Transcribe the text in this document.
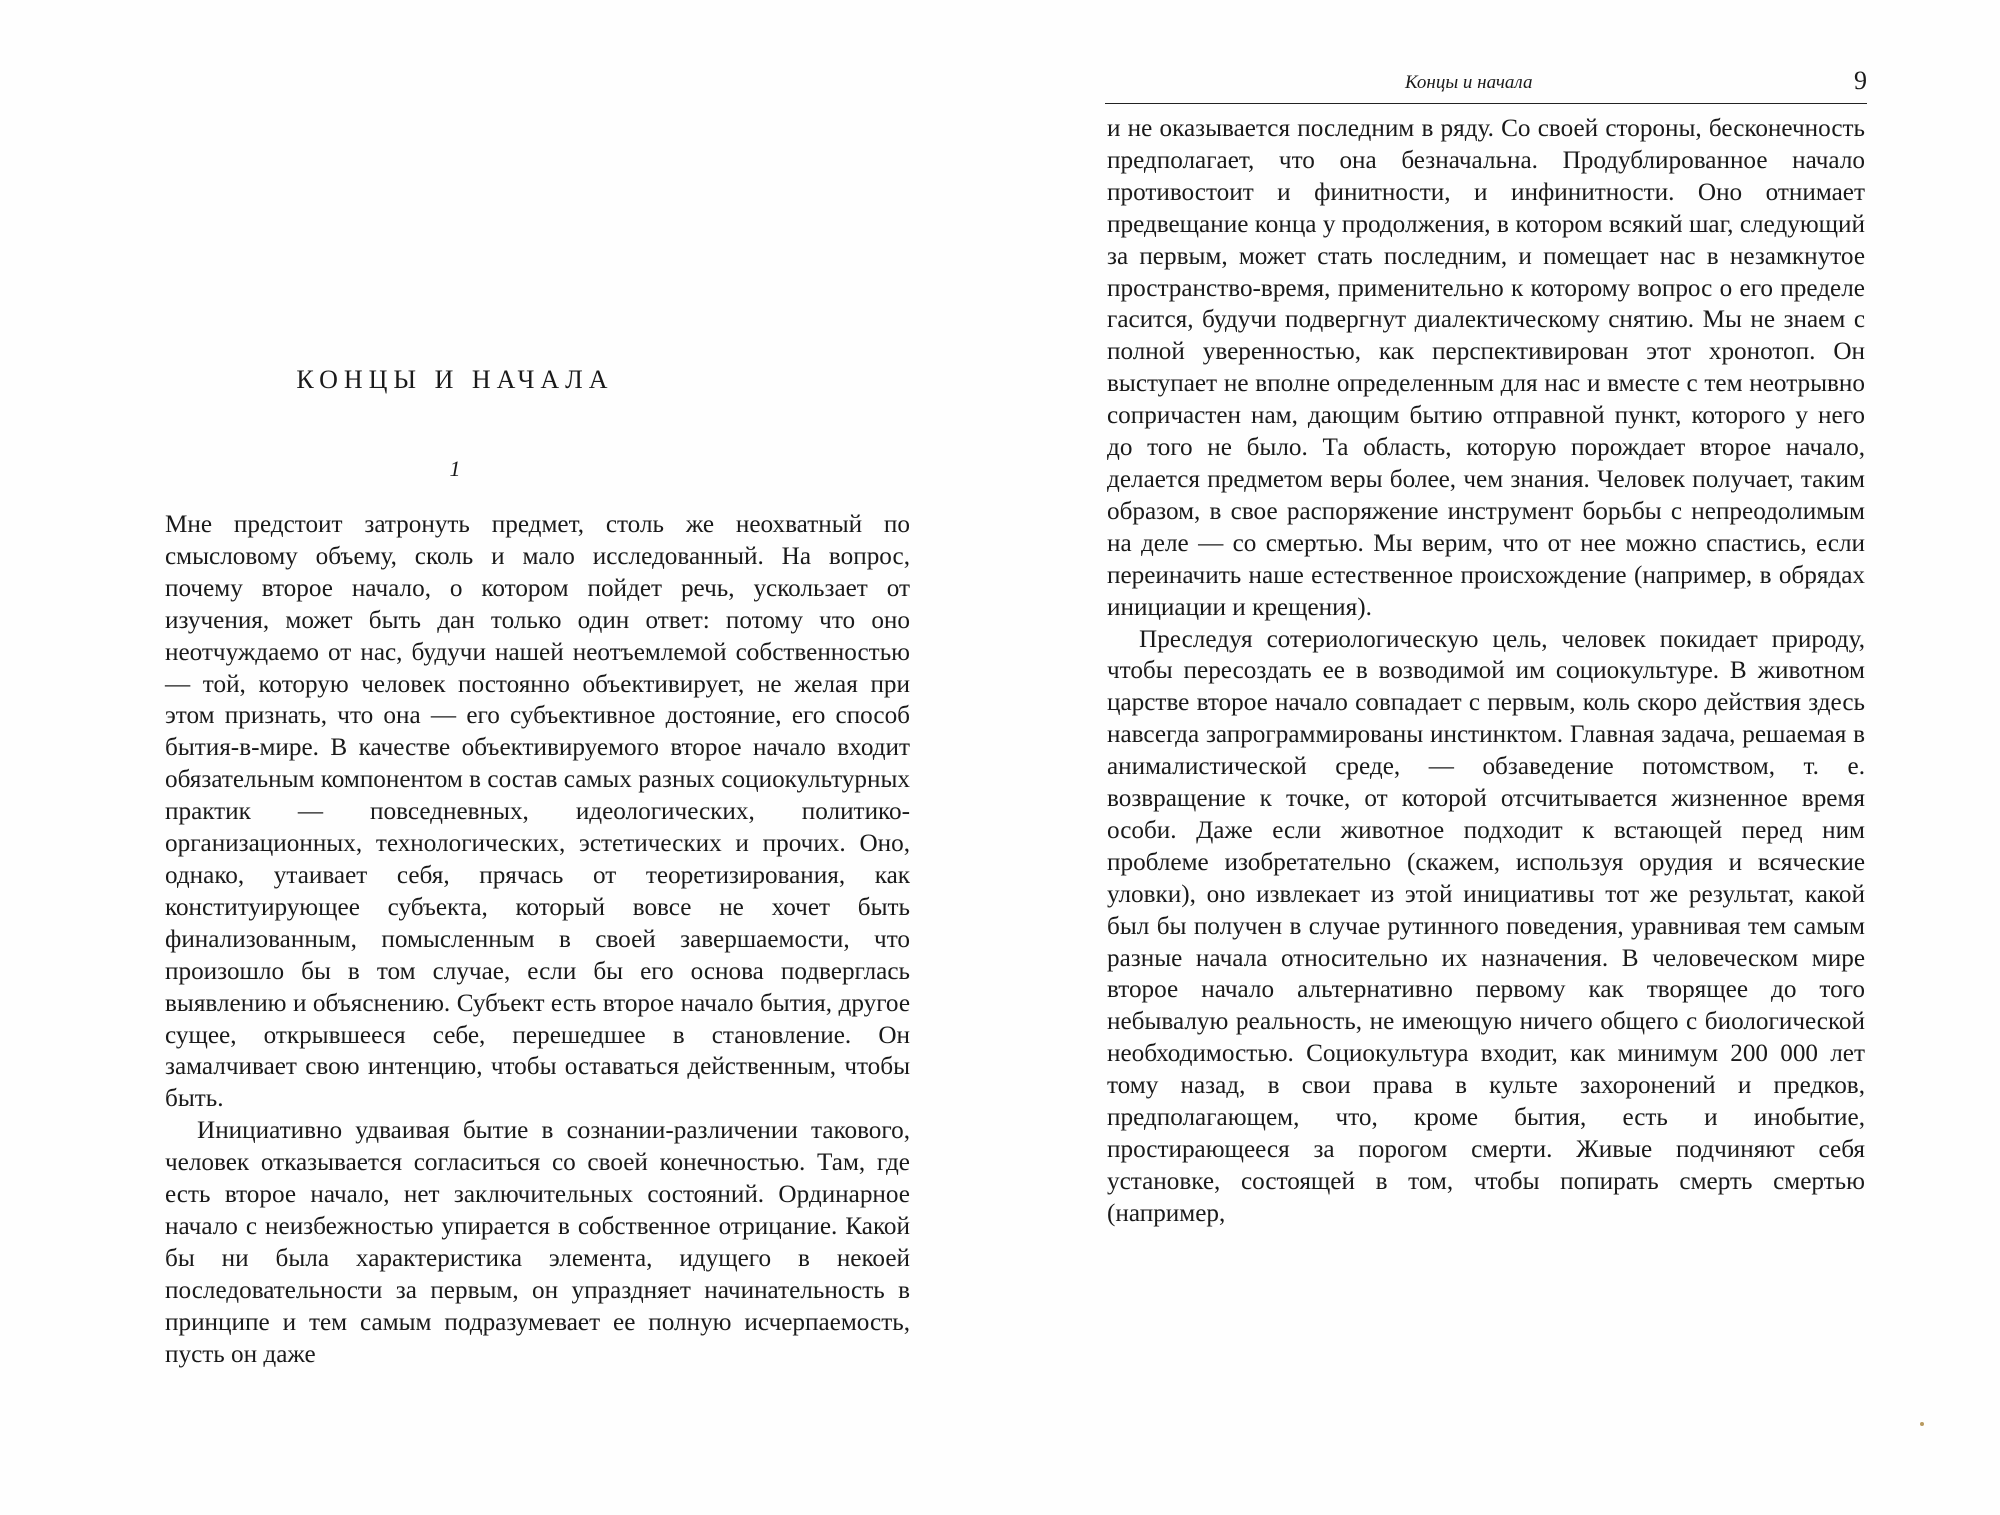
КОНЦЫ И НАЧАЛА
1

Мне предстоит затронуть предмет, столь же неохватный по смысловому объему, сколь и мало исследованный. На вопрос, почему второе начало, о котором пойдет речь, ускользает от изучения, может быть дан только один ответ: потому что оно неотчуждаемо от нас, будучи нашей неотъемлемой собственностью — той, которую человек постоянно объективирует, не желая при этом признать, что она — его субъективное достояние, его способ бытия-в-мире. В качестве объективируемого второе начало входит обязательным компонентом в состав самых разных социокультурных практик — повседневных, идеологических, политико-организационных, технологических, эстетических и прочих. Оно, однако, утаивает себя, прячась от теоретизирования, как конституирующее субъекта, который вовсе не хочет быть финализованным, помысленным в своей завершаемости, что произошло бы в том случае, если бы его основа подверглась выявлению и объяснению. Субъект есть второе начало бытия, другое сущее, открывшееся себе, перешедшее в становление. Он замалчивает свою интенцию, чтобы оставаться действенным, чтобы быть.

Инициативно удваивая бытие в сознании-различении такового, человек отказывается согласиться со своей конечностью. Там, где есть второе начало, нет заключительных состояний. Ординарное начало с неизбежностью упирается в собственное отрицание. Какой бы ни была характеристика элемента, идущего в некоей последовательности за первым, он упраздняет начинательность в принципе и тем самым подразумевает ее полную исчерпаемость, пусть он даже

Концы и начала	9

и не оказывается последним в ряду. Со своей стороны, бесконечность предполагает, что она безначальна. Продублированное начало противостоит и финитности, и инфинитности. Оно отнимает предвещание конца у продолжения, в котором всякий шаг, следующий за первым, может стать последним, и помещает нас в незамкнутое пространство-время, применительно к которому вопрос о его пределе гасится, будучи подвергнут диалектическому снятию. Мы не знаем с полной уверенностью, как перспективирован этот хронотоп. Он выступает не вполне определенным для нас и вместе с тем неотрывно сопричастен нам, дающим бытию отправной пункт, которого у него до того не было. Та область, которую порождает второе начало, делается предметом веры более, чем знания. Человек получает, таким образом, в свое распоряжение инструмент борьбы с непреодолимым на деле — со смертью. Мы верим, что от нее можно спастись, если переиначить наше естественное происхождение (например, в обрядах инициации и крещения).

Преследуя сотериологическую цель, человек покидает природу, чтобы пересоздать ее в возводимой им социокультуре. В животном царстве второе начало совпадает с первым, коль скоро действия здесь навсегда запрограммированы инстинктом. Главная задача, решаемая в анималистической среде, — обзаведение потомством, т. е. возвращение к точке, от которой отсчитывается жизненное время особи. Даже если животное подходит к встающей перед ним проблеме изобретательно (скажем, используя орудия и всяческие уловки), оно извлекает из этой инициативы тот же результат, какой был бы получен в случае рутинного поведения, уравнивая тем самым разные начала относительно их назначения. В человеческом мире второе начало альтернативно первому как творящее до того небывалую реальность, не имеющую ничего общего с биологической необходимостью. Социокультура входит, как минимум 200 000 лет тому назад, в свои права в культе захоронений и предков, предполагающем, что, кроме бытия, есть и инобытие, простирающееся за порогом смерти. Живые подчиняют себя установке, состоящей в том, чтобы попирать смерть смертью (например,
